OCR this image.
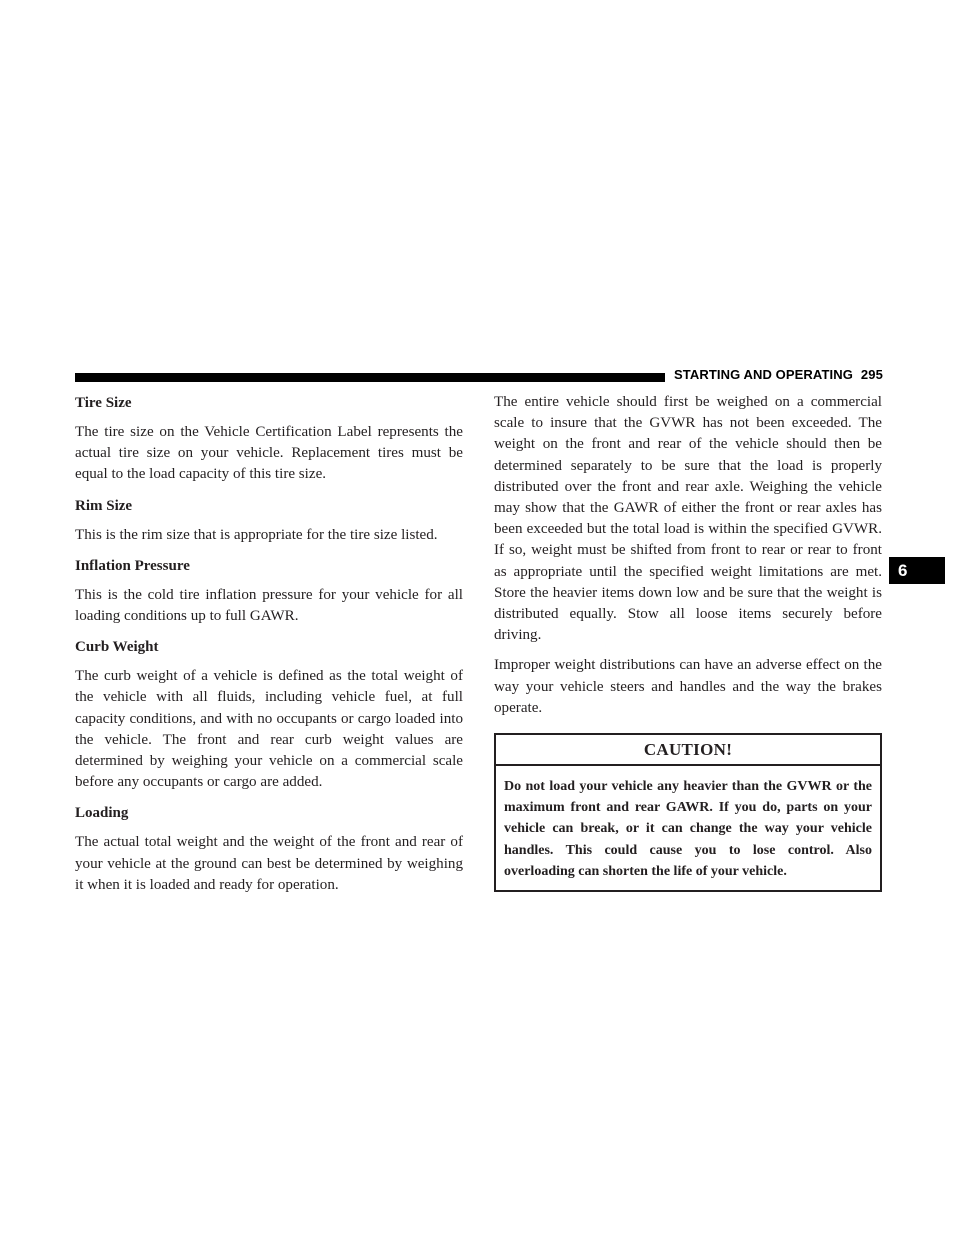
STARTING AND OPERATING 295
6
Tire Size

The tire size on the Vehicle Certification Label represents the actual tire size on your vehicle. Replacement tires must be equal to the load capacity of this tire size.

Rim Size

This is the rim size that is appropriate for the tire size listed.

Inflation Pressure

This is the cold tire inflation pressure for your vehicle for all loading conditions up to full GAWR.

Curb Weight

The curb weight of a vehicle is defined as the total weight of the vehicle with all fluids, including vehicle fuel, at full capacity conditions, and with no occupants or cargo loaded into the vehicle. The front and rear curb weight values are determined by weighing your vehicle on a commercial scale before any occupants or cargo are added.

Loading

The actual total weight and the weight of the front and rear of your vehicle at the ground can best be determined by weighing it when it is loaded and ready for operation.

The entire vehicle should first be weighed on a commercial scale to insure that the GVWR has not been exceeded. The weight on the front and rear of the vehicle should then be determined separately to be sure that the load is properly distributed over the front and rear axle. Weighing the vehicle may show that the GAWR of either the front or rear axles has been exceeded but the total load is within the specified GVWR. If so, weight must be shifted from front to rear or rear to front as appropriate until the specified weight limitations are met. Store the heavier items down low and be sure that the weight is distributed equally. Stow all loose items securely before driving.

Improper weight distributions can have an adverse effect on the way your vehicle steers and handles and the way the brakes operate.

CAUTION!
Do not load your vehicle any heavier than the GVWR or the maximum front and rear GAWR. If you do, parts on your vehicle can break, or it can change the way your vehicle handles. This could cause you to lose control. Also overloading can shorten the life of your vehicle.
